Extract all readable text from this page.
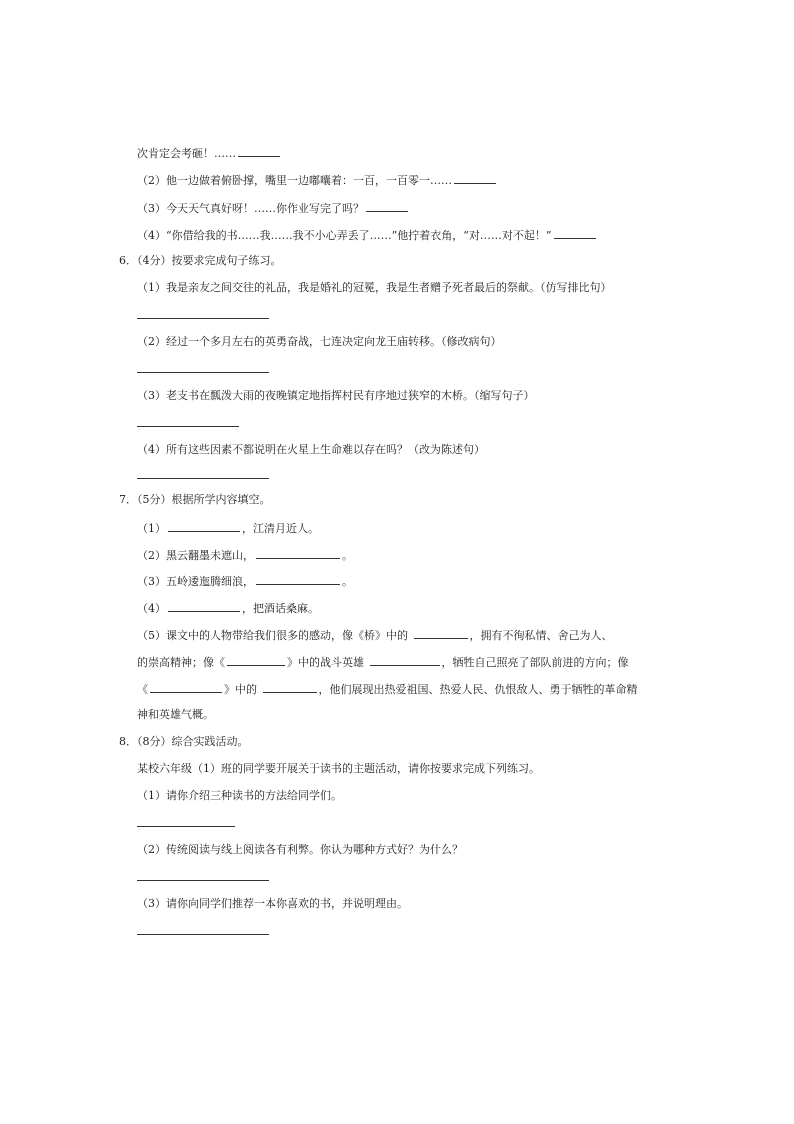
次肯定会考砸！……
（2）他一边做着俯卧撑，嘴里一边嘟囔着：一百，一百零一……
（3）今天天气真好呀！……你作业写完了吗？
（4）“你借给我的书……我……我不小心弄丢了……”他拧着衣角，“对……对不起！”
6．（4分）按要求完成句子练习。
（1）我是亲友之间交往的礼品，我是婚礼的冠冕，我是生者赠予死者最后的祭献。（仿写排比句）
（2）经过一个多月左右的英勇奋战，七连决定向龙王庙转移。（修改病句）
（3）老支书在瓢泼大雨的夜晚镇定地指挥村民有序地过狭窄的木桥。（缩写句子）
（4）所有这些因素不都说明在火星上生命难以存在吗？（改为陈述句）
7．（5分）根据所学内容填空。
（1）	，江清月近人。
（2）黑云翻墨未遮山，	。
（3）五岭逶迤腾细浪，	。
（4）	，把酒话桑麻。
（5）课文中的人物带给我们很多的感动，像《桥》中的	，拥有不徇私情、舍己为人、
的崇高精神；像《	》中的战斗英雄	，牺牲自己照亮了部队前进的方向；像
《	》中的	，他们展现出热爱祖国、热爱人民、仇恨敌人、勇于牺牲的革命精
神和英雄气概。
8．（8分）综合实践活动。
某校六年级（1）班的同学要开展关于读书的主题活动，请你按要求完成下列练习。
（1）请你介绍三种读书的方法给同学们。
（2）传统阅读与线上阅读各有利弊。你认为哪种方式好？为什么？
（3）请你向同学们推荐一本你喜欢的书，并说明理由。
